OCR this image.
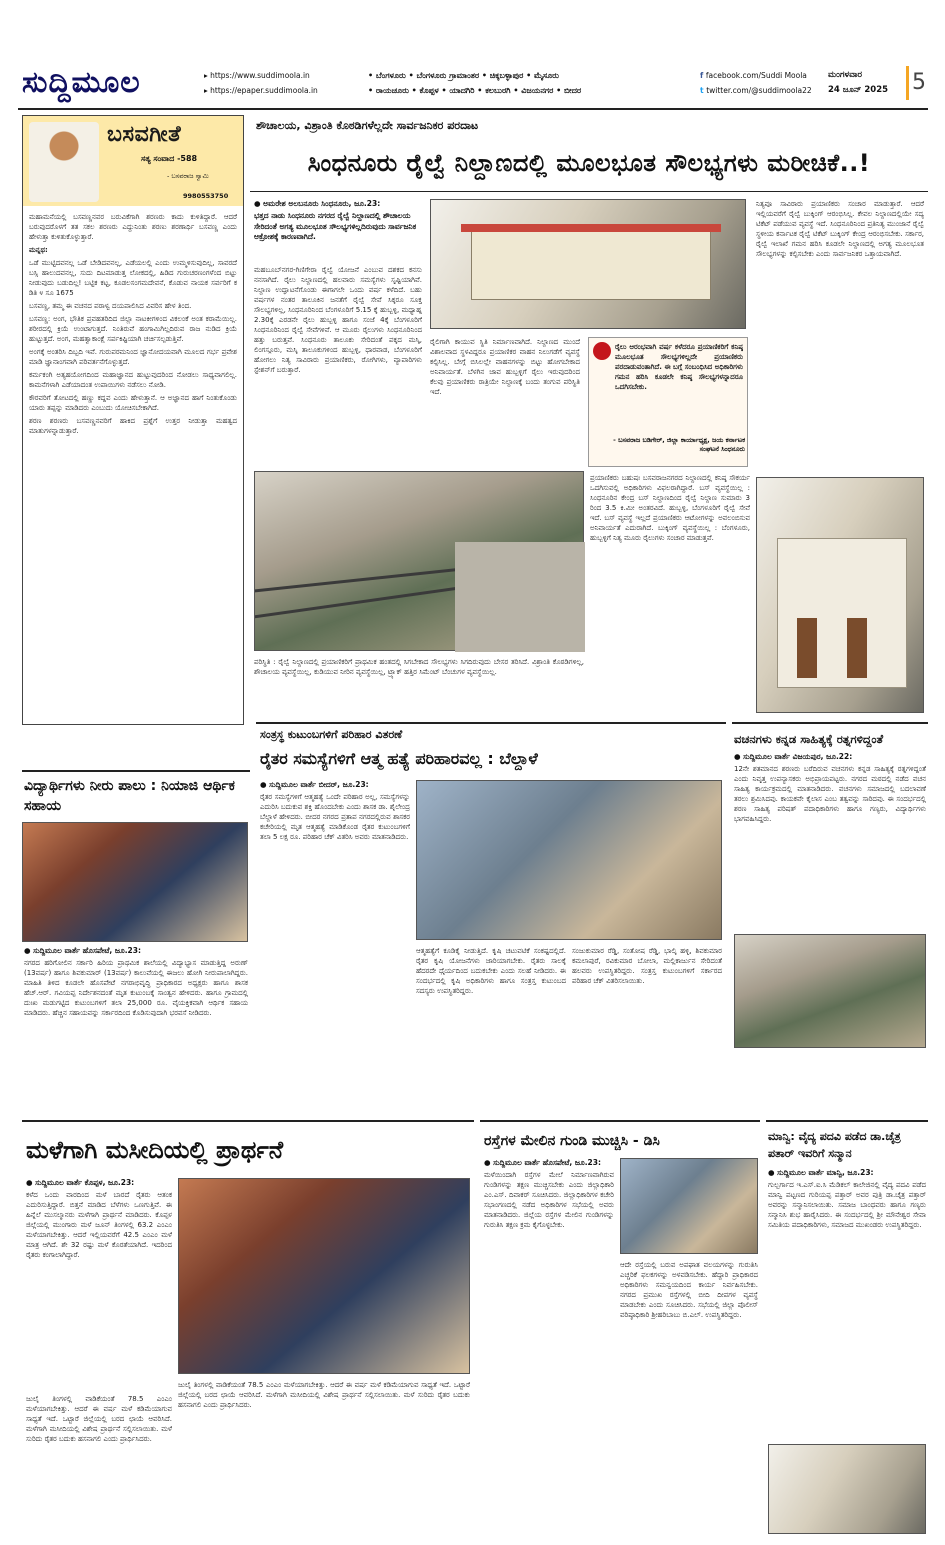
ಸುದ್ದಿಮೂಲ	▸ https://www.suddimoola.in
▸ https://epaper.suddimoola.in
• ಬೆಂಗಳೂರು • ಬೆಂಗಳೂರು ಗ್ರಾಮಾಂತರ • ಚಿಕ್ಕಬಳ್ಳಾಪುರ • ಮೈಸೂರು
• ರಾಯಚೂರು • ಕೊಪ್ಪಳ • ಯಾದಗಿರಿ • ಕಲಬುರಗಿ • ವಿಜಯನಗರ • ಬೀದರ
f facebook.com/Suddi Moola
t twitter.com/@suddimoola22
ಮಂಗಳವಾರ
24 ಜೂನ್ 2025	5
ಬಸವಗೀತೆ
ಸತ್ಯ ಸಂವಾದ -588
- ಬಸವರಾಜ ಸ್ವಾಮಿ
9980553750

ಮಹಾಮನೆಯಲ್ಲಿ ಬಸವಣ್ಣನವರ ಬರುವಿಕೆಗಾಗಿ ಶರಣರು ಕಾದು ಕುಳಿತಿದ್ದಾರೆ. ಆದರೆ ಬರುವುದರೊಳಗೆ ತತ ಸಕಲ ಶರಣರು ಎದ್ದುನಿಂತು ಶರಣು ಶರಣಾರ್ಥಿ ಬಸವಣ್ಣ ಎಂದು ಹೇಳುತ್ತಾ ಕುಳಿತುಕೊಳ್ಳುತ್ತಾರೆ.

ಮನ್ನಥ:

ಒಡೆ ಮುಟ್ಟಿದವನಲ್ಲ ಒಡೆ ಬೇಡಿದವನಲ್ಲ, ಎಡೆಯಲಲ್ಲಿ ಎಂದು ಉಮ್ಮಳಿಸುವುದಿಲ್ಲ, ಸಾವರದೆ ಬಸ್ಸಿ ಹಾಲುದವನಲ್ಲ, ಸುದು ದಿಟಮಾಡುತ್ತ ಲೋಕದಲ್ಲಿ, ಹಿಡಿದ ಗುರುಚರಣಂಗಳೆಂದ ಬಿಟ್ಟು ನೀಡುವುದು ಬಡುದಿಲ್ಲ! ಬಟ್ಟಿಕ ಕಟ್ಟ, ಕೂಡಲಸಂಗಮದೇವನೆ, ಕೊಡುವ ನಾಯಕ ಸರ್ವರಿಗೆ ಕ ಡಿತಿ ೪ ಸೂ 1675

ಬಸವಣ್ಣ, ತಮ್ಮ ಈ ವಚನದ ಪರಾಳ್ವ ದಯಪಾಲಿಸಿದ ವಿವರಿಸ ಹೇಳ ತಿಂದ.

ಬಸವಣ್ಣ: ಅಂಗ, ಭೌತಿಕ ಪ್ರವಹತರಿದಿದ ಜಿಲ್ಲಾ ನಾಟಕೀಗಳಿಂದ ವಿಕಲಂಕೆ ಅಂತ ಕರಾಮೆಯಿಲ್ಲ. ಶರೀರದಲ್ಲಿ ಕ್ರಿಯೆ ಉಂಟಾಗುತ್ತದೆ. ನಿಂತಿರುವೆ ಹಂಗಾಮಿಗಿಲ್ಲದಿರುವ ರಾಜ ನುಡಿದ ಕ್ರಿಯೆ ಹುಟ್ಟುತ್ತದೆ. ಅಂಗ, ಮಹತ್ವಾಕಾಂಕ್ಷೆ ಸರ್ಪಕಿಷ್ಟಿಯಾಗಿ ಚರ್ಚಿಸಲ್ಪಡುತ್ತಿವೆ.

ಅಂಗಕ್ಕೆ ಅಂತರಿಸಿ ದಿಬ್ಬದಿ ಇವೆ. ಗುರುಪರಮನಿಂದ ಜ್ಞಾನೋದಯವಾಗಿ ಮೂಲದ ಗರ್ಭ ಪ್ರವೇಶ ಮಾಡಿ ಜ್ಞಾನಾಂಗವಾಗಿ ಪರಿವರ್ತನೆಗೊಳ್ಳುತ್ತದೆ.

ಕರ್ಮಕಂಗಿ ಅತ್ಯಹಯೋಗದಿಂದ ಮಹಾಜ್ಞಾನದ ಹುಟ್ಟುವುದರಿಂದ ನೋಡಲು ಸಾಧ್ಯವಾಗಲಿಲ್ಲ. ಕಾಮನೆಗಳಾಗಿ ಎಡೆಯಾದಂತ ಉಪಾಯಿಗಳು ನಡೆಸಲು ನೋಡಿ.

ಕೌರವರಿಗೆ ತೋಟದಲ್ಲಿ ಹಣ್ಣು ಕದ್ದವ ಎಂದು ಹೇಳುತ್ತಾನೆ. ಆ ಅಜ್ಞಾನದ ಹಾಗೆ ನಿಂತುಕೊಂಡು ಯಾರು ತಪ್ಪನ್ನು ಮಾಡಿದರು ಎಂಬುದು ಯೋಚಿಸಬೇಕಾಗಿದೆ.

ಶರಣ ಶರಣರು ಬಸವಣ್ಣನವರಿಗೆ ಹಾಕಿದ ಪ್ರಶ್ನೆಗೆ ಉತ್ತರ ನೀಡುತ್ತಾ ಮಹತ್ವದ ಮಾತುಗಳನ್ನಾಡುತ್ತಾರೆ.

ಶೌಚಾಲಯ, ವಿಶ್ರಾಂತಿ ಕೊಠಡಿಗಳೆಲ್ಲದೇ ಸಾರ್ವಜನಿಕರ ಪರದಾಟ
ಸಿಂಧನೂರು ರೈಲ್ವೆ ನಿಲ್ದಾಣದಲ್ಲಿ ಮೂಲಭೂತ ಸೌಲಭ್ಯಗಳು ಮರೀಚಿಕೆ..!
● ಅಮರೇಶ ಅಲಬನೂರು ಸಿಂಧನೂರು, ಜೂ.23:
ಭತ್ತದ ನಾಡು ಸಿಂಧನೂರು ನಗರದ ರೈಲ್ವೆ ನಿಲ್ದಾಣದಲ್ಲಿ ಶೌಚಾಲಯ ಸೇರಿದಂತೆ ಅಗತ್ಯ ಮೂಲಭೂತ ಸೌಲಭ್ಯಗಳಿಲ್ಲದಿರುವುದು ಸಾರ್ವಜನಿಕ ಆಕ್ರೋಶಕ್ಕೆ ಕಾರಣವಾಗಿದೆ.
ಮಹಬೂಬ್‌ನಗರ-ಗಿಣಿಗೇರಾ ರೈಲ್ವೆ ಯೋಜನೆ ಎಂಬುವ ದಶಕದ ಕನಸು ನನಸಾಗಿದೆ. ರೈಲು ನಿಲ್ದಾಣದಲ್ಲಿ ಹಲವಾರು ಸಮಸ್ಯೆಗಳು ಸೃಷ್ಟಿಯಾಗಿವೆ. ನಿಲ್ದಾಣ ಉದ್ಘಾಟನೆಗೊಂಡು ಈಗಾಗಲೇ ಒಂದು ವರ್ಷ ಕಳೆದಿದೆ. ಬಹು ವರ್ಷಗಳ ನಂತರ ತಾಲೂಕಿನ ಜನತೆಗೆ ರೈಲ್ವೆ ಸೇವೆ ಸಿಕ್ಕರೂ ಸೂಕ್ತ ಸೌಲಭ್ಯಗಳಿಲ್ಲ, ಸಿಂಧನೂರಿನಿಂದ ಬೆಂಗಳೂರಿಗೆ 5.15 ಕ್ಕೆ ಹುಬ್ಬಳ್ಳಿ, ಮಧ್ಯಾಹ್ನ 2.30ಕ್ಕೆ ಎರಡನೇ ರೈಲು ಹುಬ್ಬಳ್ಳಿ ಹಾಗೂ ಸಂಜೆ 4ಕ್ಕೆ ಬೆಂಗಳೂರಿಗೆ ಸಿಂಧನೂರಿನಿಂದ ರೈಲ್ವೆ ಸೇವೆಗಳಿವೆ. ಆ ಮೂರು ರೈಲುಗಳು ಸಿಂಧನೂರಿನಿಂದ ಹತ್ತು ಬರುತ್ತವೆ. ಸಿಂಧನೂರು ತಾಲೂಕು ಸೇರಿದಂತೆ ಪಕ್ಕದ ಮಸ್ಕಿ, ಲಿಂಗಸ್ಗೂರು, ಮಸ್ಕಿ ತಾಲೂಕುಗಳಿಂದ ಹುಬ್ಬಳ್ಳಿ, ಧಾರವಾಡ, ಬೆಂಗಳೂರಿಗೆ ಹೋಗಲು ನಿತ್ಯ ಸಾವಿರಾರು ಪ್ರಯಾಣಿಕರು, ರೋಗಿಗಳು, ವ್ಯಾಪಾರಿಗಳು ಸ್ಟೇಶನ್‌ಗೆ ಬರುತ್ತಾರೆ.
ರೈಲಿಗಾಗಿ ಕಾಯುವ ಸ್ಥಿತಿ ನಿರ್ಮಾಣವಾಗಿದೆ. ನಿಲ್ದಾಣದ ಮುಂದೆ ವಿಶಾಲವಾದ ಸ್ಥಳವಿದ್ದರೂ ಪ್ರಯಾಣಿಕರ ವಾಹನ ನಿಲುಗಡೆಗೆ ವ್ಯವಸ್ಥೆ ಕಲ್ಪಿಸಿಲ್ಲ. ಬೇಗ್ಗೆ ಬಿಸಿಲಲ್ಲೇ ವಾಹನಗಳನ್ನು ಬಿಟ್ಟು ಹೋಗಬೇಕಾದ ಅನಿವಾರ್ಯತೆ. ಬೆಳಗಿನ ಜಾವ ಹುಬ್ಬಳ್ಳಿಗೆ ರೈಲು ಇರುವುದರಿಂದ ಕೆಲವು ಪ್ರಯಾಣಿಕರು ರಾತ್ರಿಯೇ ನಿಲ್ದಾಣಕ್ಕೆ ಬಂದು ತಂಗುವ ಪರಿಸ್ಥಿತಿ ಇದೆ.
ರೈಲು ಆರಂಭವಾಗಿ ವರ್ಷ ಕಳೆದರೂ ಪ್ರಯಾಣಿಕರಿಗೆ ಕನಿಷ್ಠ ಮೂಲಭೂತ ಸೌಲಭ್ಯಗಳಿಲ್ಲದೇ ಪ್ರಯಾಣಿಕರು ಪರದಾಡುವಂತಾಗಿದೆ. ಈ ಬಗ್ಗೆ ಸಂಬಂಧಿಸಿದ ಅಧಿಕಾರಿಗಳು ಗಮನ ಹರಿಸಿ ಕೂಡಲೇ ಕನಿಷ್ಠ ಸೌಲಭ್ಯಗಳನ್ನಾದರೂ ಒದಗಿಸಬೇಕು.
- ಬಸವರಾಜ ಬಡಿಗೇರ್, ಜಿಲ್ಲಾ ಕಾರ್ಯಾಧ್ಯಕ್ಷ, ಜಯ ಕರ್ನಾಟಕ ಸಂಘಟನೆ ಸಿಂಧನೂರು
ಪರಿಸ್ಥಿತಿ : ರೈಲ್ವೆ ನಿಲ್ದಾಣದಲ್ಲಿ ಪ್ರಯಾಣಿಕರಿಗೆ ಪ್ರಾಥಮಿಕ ಹಂತದಲ್ಲಿ ಸಿಗಬೇಕಾದ ಸೌಲಭ್ಯಗಳು ಸಿಗದಿರುವುದು ಬೇಸರ ತರಿಸಿದೆ. ವಿಶ್ರಾಂತಿ ಕೊಠಡಿಗಳಿಲ್ಲ, ಶೌಚಾಲಯ ವ್ಯವಸ್ಥೆಯಿಲ್ಲ, ಕುಡಿಯುವ ನೀರಿನ ವ್ಯವಸ್ಥೆಯಿಲ್ಲ, ಟ್ರ್ಯಾಕ್ ಹತ್ತಿರ ಸಿಮೆಂಟ್ ಬೆಂಚುಗಳ ವ್ಯವಸ್ಥೆಯಿಲ್ಲ.
ಪ್ರಯಾಣಿಕರು ಬಹುಷಃ ಬಸವರಾಜನಗರದ ನಿಲ್ದಾಣದಲ್ಲಿ ಕನಿಷ್ಠ ಸೌಕರ್ಯ ಒದಗಿಸುವಲ್ಲಿ ಅಧಿಕಾರಿಗಳು ವಿಫಲರಾಗಿದ್ದಾರೆ. ಬಸ್ ವ್ಯವಸ್ಥೆಯಿಲ್ಲ : ಸಿಂಧನೂರಿನ ಕೇಂದ್ರ ಬಸ್ ನಿಲ್ದಾಣದಿಂದ ರೈಲ್ವೆ ನಿಲ್ದಾಣ ಸುಮಾರು 3 ರಿಂದ 3.5 ಕಿ.ಮೀ ಅಂತರವಿದೆ. ಹುಬ್ಬಳ್ಳಿ, ಬೆಂಗಳೂರಿಗೆ ರೈಲ್ವೆ ಸೇವೆ ಇದೆ. ಬಸ್ ವ್ಯವಸ್ಥೆ ಇಲ್ಲದೆ ಪ್ರಯಾಣಿಕರು ಆಟೋಗಳನ್ನು ಅವಲಂಬಿಸುವ ಅನಿವಾರ್ಯತೆ ಎದುರಾಗಿದೆ. ಬುಕ್ಕಿಂಗ್ ವ್ಯವಸ್ಥೆಯಿಲ್ಲ : ಬೆಂಗಳೂರು, ಹುಬ್ಬಳ್ಳಿಗೆ ನಿತ್ಯ ಮೂರು ರೈಲುಗಳು ಸಂಚಾರ ಮಾಡುತ್ತವೆ.
ನಿತ್ಯವೂ ಸಾವಿರಾರು ಪ್ರಯಾಣಿಕರು ಸಂಚಾರ ಮಾಡುತ್ತಾರೆ. ಆದರೆ ಇಲ್ಲಿಯವರೆಗೆ ರೈಲ್ವೆ ಬುಕ್ಕಿಂಗ್ ಆರಂಭಿಸಿಲ್ಲ. ಕೇವಲ ನಿಲ್ದಾಣದಲ್ಲಿಯೇ ಸದ್ಯ ಟಿಕೆಟ್ ಪಡೆಯುವ ವ್ಯವಸ್ಥೆ ಇದೆ. ಸಿಂಧನೂರಿನಿಂದ ಪ್ರತಿನಿತ್ಯ ಮುಂಜಾನೆ ರೈಲ್ವೆ ಸ್ಥಳೀಯ ಕರ್ನಾಟಕ ರೈಲ್ವೆ ಟಿಕೆಟ್ ಬುಕ್ಕಿಂಗ್ ಕೇಂದ್ರ ಆರಂಭಿಸಬೇಕು. ಸರ್ಕಾರ, ರೈಲ್ವೆ ಇಲಾಖೆ ಗಮನ ಹರಿಸಿ ಕೂಡಲೇ ನಿಲ್ದಾಣದಲ್ಲಿ ಅಗತ್ಯ ಮೂಲಭೂತ ಸೌಲಭ್ಯಗಳನ್ನು ಕಲ್ಪಿಸಬೇಕು ಎಂದು ಸಾರ್ವಜನಿಕರ ಒತ್ತಾಯವಾಗಿದೆ.
ವಿದ್ಯಾರ್ಥಿಗಳು ನೀರು ಪಾಲು : ನಿಯಾಜಿ ಆರ್ಥಿಕ ಸಹಾಯ
● ಸುದ್ದಿಮೂಲ ವಾರ್ತೆ ಹೊಸಪೇಟೆ, ಜೂ.23:
ನಗರದ ಹರಿಗೋಲಿನ ಸರ್ಕಾರಿ ಹಿರಿಯ ಪ್ರಾಥಮಿಕ ಶಾಲೆಯಲ್ಲಿ ವಿದ್ಯಾಭ್ಯಾಸ ಮಾಡುತ್ತಿದ್ದ ಅರುಣ್ (13ವರ್ಷ) ಹಾಗೂ ಶಿವಕುಮಾರ್ (13ವರ್ಷ) ಕಾಲುವೆಯಲ್ಲಿ ಈಜಲು ಹೋಗಿ ನೀರುಪಾಲಾಗಿದ್ದರು. ಮಾಹಿತಿ ತಿಳಿದ ಕೂಡಲೇ ಹೊಸಪೇಟೆ ನಗರಾಭಿವೃದ್ಧಿ ಪ್ರಾಧಿಕಾರದ ಅಧ್ಯಕ್ಷರು ಹಾಗೂ ಶಾಸಕ ಹೆಚ್.ಆರ್. ಗವಿಯಪ್ಪ ನಿರ್ದೇಶನದಂತೆ ಮೃತ ಕುಟುಂಬಕ್ಕೆ ಸಾಂತ್ವನ ಹೇಳಿದರು. ಹಾಗೂ ಗ್ರಾಮದಲ್ಲಿ ದುಃಖ ಮಡುಗಟ್ಟಿದ ಕುಟುಂಬಗಳಿಗೆ ತಲಾ 25,000 ರೂ. ವೈಯಕ್ತಿಕವಾಗಿ ಆರ್ಥಿಕ ಸಹಾಯ ಮಾಡಿದರು. ಹೆಚ್ಚಿನ ಸಹಾಯವನ್ನು ಸರ್ಕಾರದಿಂದ ಕೊಡಿಸುವುದಾಗಿ ಭರವಸೆ ನೀಡಿದರು.
ಸಂತ್ರಸ್ಥ ಕುಟುಂಬಗಳಿಗೆ ಪರಿಹಾರ ವಿತರಣೆ
ರೈತರ ಸಮಸ್ಯೆಗಳಿಗೆ ಆತ್ಮ ಹತ್ಯೆ ಪರಿಹಾರವಲ್ಲ : ಬೆಲ್ದಾಳೆ
● ಸುದ್ದಿಮೂಲ ವಾರ್ತೆ ಬೀದರ್, ಜೂ.23:
ರೈತರ ಸಮಸ್ಯೆಗಳಿಗೆ ಆತ್ಮಹತ್ಯೆ ಒಂದೇ ಪರಿಹಾರ ಅಲ್ಲ, ಸಮಸ್ಯೆಗಳನ್ನು ಎದುರಿಸಿ ಬದುಕುವ ಶಕ್ತಿ ಹೊಂದಬೇಕು ಎಂದು ಶಾಸಕ ಡಾ. ಶೈಲೇಂದ್ರ ಬೆಲ್ದಾಳೆ ಹೇಳಿದರು. ಬೀದರ ನಗರದ ಪ್ರತಾಪ ನಗರದಲ್ಲಿರುವ ಶಾಸಕರ ಕಚೇರಿಯಲ್ಲಿ ಮೃತ ಆತ್ಮಹತ್ಯೆ ಮಾಡಿಕೊಂಡ ರೈತರ ಕುಟುಂಬಗಳಿಗೆ ತಲಾ 5 ಲಕ್ಷ ರೂ. ಪರಿಹಾರ ಚೆಕ್ ವಿತರಿಸಿ ಅವರು ಮಾತನಾಡಿದರು.
ಆತ್ಮಹತ್ಯೆಗೆ ಕೂಡಿಕೈ ನೀಡುತ್ತಿದೆ. ಕೃಷಿ ಚಟುವಟಿಕೆ ಸಂಕಷ್ಟದಲ್ಲಿದೆ. ರೈತರ ಕೃಷಿ ಯೋಜನೆಗಳು ಜಾರಿಯಾಗಬೇಕು. ರೈತರು ಸಾಲಕ್ಕೆ ಹೆದರದೇ ಧೈರ್ಯದಿಂದ ಬದುಕಬೇಕು ಎಂದು ಸಲಹೆ ನೀಡಿದರು. ಈ ಸಂದರ್ಭದಲ್ಲಿ ಕೃಷಿ ಅಧಿಕಾರಿಗಳು ಹಾಗೂ ಸಂತ್ರಸ್ತ ಕುಟುಂಬದ ಸದಸ್ಯರು ಉಪಸ್ಥಿತರಿದ್ದರು.
ಸಂಜುಕುಮಾರ ರೆಡ್ಡಿ, ಸಂತೋಷ ರೆಡ್ಡಿ, ಭಾಲ್ಕಿ ಹಳ್ಳಿ, ಶಿವಕುಮಾರ ಕಮಲಾಪುರೆ, ರವಿಕುಮಾರ ಬೋಲಾ, ಮಲ್ಲಿಕಾರ್ಜುನ ಸೇರಿದಂತೆ ಹಲವರು ಉಪಸ್ಥಿತರಿದ್ದರು. ಸಂತ್ರಸ್ತ ಕುಟುಂಬಗಳಿಗೆ ಸರ್ಕಾರದ ಪರಿಹಾರ ಚೆಕ್ ವಿತರಿಸಲಾಯಿತು.
ವಚನಗಳು ಕನ್ನಡ ಸಾಹಿತ್ಯಕ್ಕೆ ರತ್ನಗಳಿದ್ದಂತೆ
● ಸುದ್ದಿಮೂಲ ವಾರ್ತೆ ವಿಜಯಪುರ, ಜೂ.22:
12ನೇ ಶತಮಾನದ ಶರಣರು ಬರೆದಿರುವ ವಚನಗಳು ಕನ್ನಡ ಸಾಹಿತ್ಯಕ್ಕೆ ರತ್ನಗಳಿದ್ದಂತೆ ಎಂದು ನಿವೃತ್ತ ಉಪನ್ಯಾಸಕರು ಅಭಿಪ್ರಾಯಪಟ್ಟರು. ನಗರದ ಮಠದಲ್ಲಿ ನಡೆದ ವಚನ ಸಾಹಿತ್ಯ ಕಾರ್ಯಕ್ರಮದಲ್ಲಿ ಮಾತನಾಡಿದರು. ವಚನಗಳು ಸಮಾಜದಲ್ಲಿ ಬದಲಾವಣೆ ತರಲು ಶ್ರಮಿಸಿದವು. ಕಾಯಕವೇ ಕೈಲಾಸ ಎಂಬ ತತ್ವವನ್ನು ಸಾರಿದವು. ಈ ಸಂದರ್ಭದಲ್ಲಿ ಶರಣ ಸಾಹಿತ್ಯ ಪರಿಷತ್ ಪದಾಧಿಕಾರಿಗಳು ಹಾಗೂ ಗಣ್ಯರು, ವಿದ್ಯಾರ್ಥಿಗಳು ಭಾಗವಹಿಸಿದ್ದರು.
ಮಳೆಗಾಗಿ ಮಸೀದಿಯಲ್ಲಿ ಪ್ರಾರ್ಥನೆ
● ಸುದ್ದಿಮೂಲ ವಾರ್ತೆ ಕೊಪ್ಪಳ, ಜೂ.23:
ಕಳೆದ ಒಂದು ವಾರದಿಂದ ಮಳೆ ಬಾರದೆ ರೈತರು ಆತಂಕ ಎದುರಿಸುತ್ತಿದ್ದಾರೆ. ಬಿತ್ತನೆ ಮಾಡಿದ ಬೆಳೆಗಳು ಒಣಗುತ್ತಿವೆ. ಈ ಹಿನ್ನೆಲೆ ಮುಸಲ್ಮಾನರು ಮಳೆಗಾಗಿ ಪ್ರಾರ್ಥನೆ ಮಾಡಿದರು. ಕೊಪ್ಪಳ ಜಿಲ್ಲೆಯಲ್ಲಿ ಮುಂಗಾರು ಮಳೆ ಜೂನ್ ತಿಂಗಳಲ್ಲಿ 63.2 ಎಂಎಂ ಮಳೆಯಾಗಬೇಕಿತ್ತು. ಆದರೆ ಇಲ್ಲಿಯವರೆಗೆ 42.5 ಎಂಎಂ ಮಳೆ ಮಾತ್ರ ಆಗಿದೆ. ಶೇ 32 ರಷ್ಟು ಮಳೆ ಕೊರತೆಯಾಗಿದೆ. ಇದರಿಂದ ರೈತರು ಕಂಗಾಲಾಗಿದ್ದಾರೆ.
ಜುಲೈ ತಿಂಗಳಲ್ಲಿ ವಾಡಿಕೆಯಂತೆ 78.5 ಎಂಎಂ ಮಳೆಯಾಗಬೇಕಿತ್ತು. ಆದರೆ ಈ ವರ್ಷ ಮಳೆ ಕಡಿಮೆಯಾಗುವ ಸಾಧ್ಯತೆ ಇದೆ. ಒಟ್ಟಾರೆ ಜಿಲ್ಲೆಯಲ್ಲಿ ಬರದ ಛಾಯೆ ಆವರಿಸಿದೆ. ಮಳೆಗಾಗಿ ಮಸೀದಿಯಲ್ಲಿ ವಿಶೇಷ ಪ್ರಾರ್ಥನೆ ಸಲ್ಲಿಸಲಾಯಿತು. ಮಳೆ ಸುರಿದು ರೈತರ ಬದುಕು ಹಸನಾಗಲಿ ಎಂದು ಪ್ರಾರ್ಥಿಸಿದರು.
ಜುಲೈ ತಿಂಗಳಲ್ಲಿ ವಾಡಿಕೆಯಂತೆ 78.5 ಎಂಎಂ ಮಳೆಯಾಗಬೇಕಿತ್ತು. ಆದರೆ ಈ ವರ್ಷ ಮಳೆ ಕಡಿಮೆಯಾಗುವ ಸಾಧ್ಯತೆ ಇದೆ. ಒಟ್ಟಾರೆ ಜಿಲ್ಲೆಯಲ್ಲಿ ಬರದ ಛಾಯೆ ಆವರಿಸಿದೆ. ಮಳೆಗಾಗಿ ಮಸೀದಿಯಲ್ಲಿ ವಿಶೇಷ ಪ್ರಾರ್ಥನೆ ಸಲ್ಲಿಸಲಾಯಿತು. ಮಳೆ ಸುರಿದು ರೈತರ ಬದುಕು ಹಸನಾಗಲಿ ಎಂದು ಪ್ರಾರ್ಥಿಸಿದರು.
ರಸ್ತೆಗಳ ಮೇಲಿನ ಗುಂಡಿ ಮುಚ್ಚಿಸಿ - ಡಿಸಿ
● ಸುದ್ದಿಮೂಲ ವಾರ್ತೆ ಹೊಸಪೇಟೆ, ಜೂ.23:
ಮಳೆಯಿಂದಾಗಿ ರಸ್ತೆಗಳ ಮೇಲೆ ನಿರ್ಮಾಣವಾಗಿರುವ ಗುಂಡಿಗಳನ್ನು ತಕ್ಷಣ ಮುಚ್ಚಿಸಬೇಕು ಎಂದು ಜಿಲ್ಲಾಧಿಕಾರಿ ಎಂ.ಎಸ್. ದಿವಾಕರ್ ಸೂಚಿಸಿದರು. ಜಿಲ್ಲಾಧಿಕಾರಿಗಳ ಕಚೇರಿ ಸಭಾಂಗಣದಲ್ಲಿ ನಡೆದ ಅಧಿಕಾರಿಗಳ ಸಭೆಯಲ್ಲಿ ಅವರು ಮಾತನಾಡಿದರು. ಜಿಲ್ಲೆಯ ರಸ್ತೆಗಳ ಮೇಲಿನ ಗುಂಡಿಗಳನ್ನು ಗುರುತಿಸಿ ತಕ್ಷಣ ಕ್ರಮ ಕೈಗೊಳ್ಳಬೇಕು.
ಆದೇ ರಸ್ತೆಯಲ್ಲಿ ಬರುವ ಅಪಘಾತ ವಲಯಗಳನ್ನು ಗುರುತಿಸಿ ಎಚ್ಚರಿಕೆ ಫಲಕಗಳನ್ನು ಅಳವಡಿಸಬೇಕು. ಹೆದ್ದಾರಿ ಪ್ರಾಧಿಕಾರದ ಅಧಿಕಾರಿಗಳು ಸಮನ್ವಯದಿಂದ ಕಾರ್ಯ ನಿರ್ವಹಿಸಬೇಕು. ನಗರದ ಪ್ರಮುಖ ರಸ್ತೆಗಳಲ್ಲಿ ಬೀದಿ ದೀಪಗಳ ವ್ಯವಸ್ಥೆ ಮಾಡಬೇಕು ಎಂದು ಸೂಚಿಸಿದರು. ಸಭೆಯಲ್ಲಿ ಜಿಲ್ಲಾ ಪೊಲೀಸ್ ವರಿಷ್ಠಾಧಿಕಾರಿ ಶ್ರೀಹರಿಬಾಬು ಬಿ.ಎಲ್. ಉಪಸ್ಥಿತರಿದ್ದರು.
ಮಾನ್ವಿ: ವೈದ್ಯ ಪದವಿ ಪಡೆದ ಡಾ.ಚೈತ್ರ ಪತಾರ್ ಇವರಿಗೆ ಸನ್ಮಾನ
● ಸುದ್ದಿಮೂಲ ವಾರ್ತೆ ಮಾನ್ವಿ, ಜೂ.23:
ಗುಲ್ಬರ್ಗಾದ ಇ.ಎಸ್.ಐ.ಸಿ ಮೆಡಿಕಲ್ ಕಾಲೇಜಿನಲ್ಲಿ ವೈದ್ಯ ಪದವಿ ಪಡೆದ ಮಾನ್ವಿ ಪಟ್ಟಣದ ಗುರಿಯಪ್ಪ ಪತ್ತಾರ್ ಅವರ ಪುತ್ರಿ ಡಾ.ಚೈತ್ರ ಪತ್ತಾರ್ ಅವರನ್ನು ಸನ್ಮಾನಿಸಲಾಯಿತು. ಸಮಾಜ ಬಾಂಧವರು ಹಾಗೂ ಗಣ್ಯರು ಸನ್ಮಾನಿಸಿ ಶುಭ ಹಾರೈಸಿದರು. ಈ ಸಂದರ್ಭದಲ್ಲಿ ಶ್ರೀ ಮೌನೇಶ್ವರ ಸೇವಾ ಸಮಿತಿಯ ಪದಾಧಿಕಾರಿಗಳು, ಸಮಾಜದ ಮುಖಂಡರು ಉಪಸ್ಥಿತರಿದ್ದರು.
